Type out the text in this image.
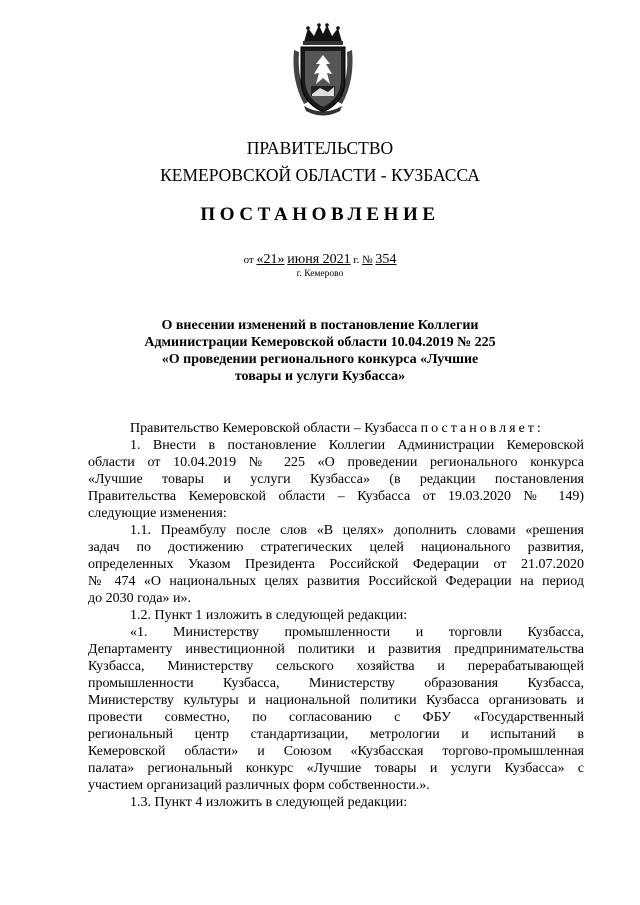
ПРАВИТЕЛЬСТВО
КЕМЕРОВСКОЙ ОБЛАСТИ - КУЗБАССА
ПОСТАНОВЛЕНИЕ
от «21» июня 2021 г. № 354
г. Кемерово
О внесении изменений в постановление Коллегии
Администрации Кемеровской области 10.04.2019 № 225
«О проведении регионального конкурса «Лучшие
товары и услуги Кузбасса»
Правительство Кемеровской области – Кузбасса постановляет:
1. Внести в постановление Коллегии Администрации Кемеровской
области от 10.04.2019 № 225 «О проведении регионального конкурса
«Лучшие товары и услуги Кузбасса» (в редакции постановления
Правительства Кемеровской области – Кузбасса от 19.03.2020 № 149)
следующие изменения:
1.1. Преамбулу после слов «В целях» дополнить словами «решения
задач по достижению стратегических целей национального развития,
определенных Указом Президента Российской Федерации от 21.07.2020
№ 474 «О национальных целях развития Российской Федерации на период
до 2030 года» и».
1.2. Пункт 1 изложить в следующей редакции:
«1. Министерству промышленности и торговли Кузбасса,
Департаменту инвестиционной политики и развития предпринимательства
Кузбасса, Министерству сельского хозяйства и перерабатывающей
промышленности Кузбасса, Министерству образования Кузбасса,
Министерству культуры и национальной политики Кузбасса организовать и
провести совместно, по согласованию с ФБУ «Государственный
региональный центр стандартизации, метрологии и испытаний в
Кемеровской области» и Союзом «Кузбасская торгово-промышленная
палата» региональный конкурс «Лучшие товары и услуги Кузбасса» с
участием организаций различных форм собственности.».
1.3. Пункт 4 изложить в следующей редакции:
